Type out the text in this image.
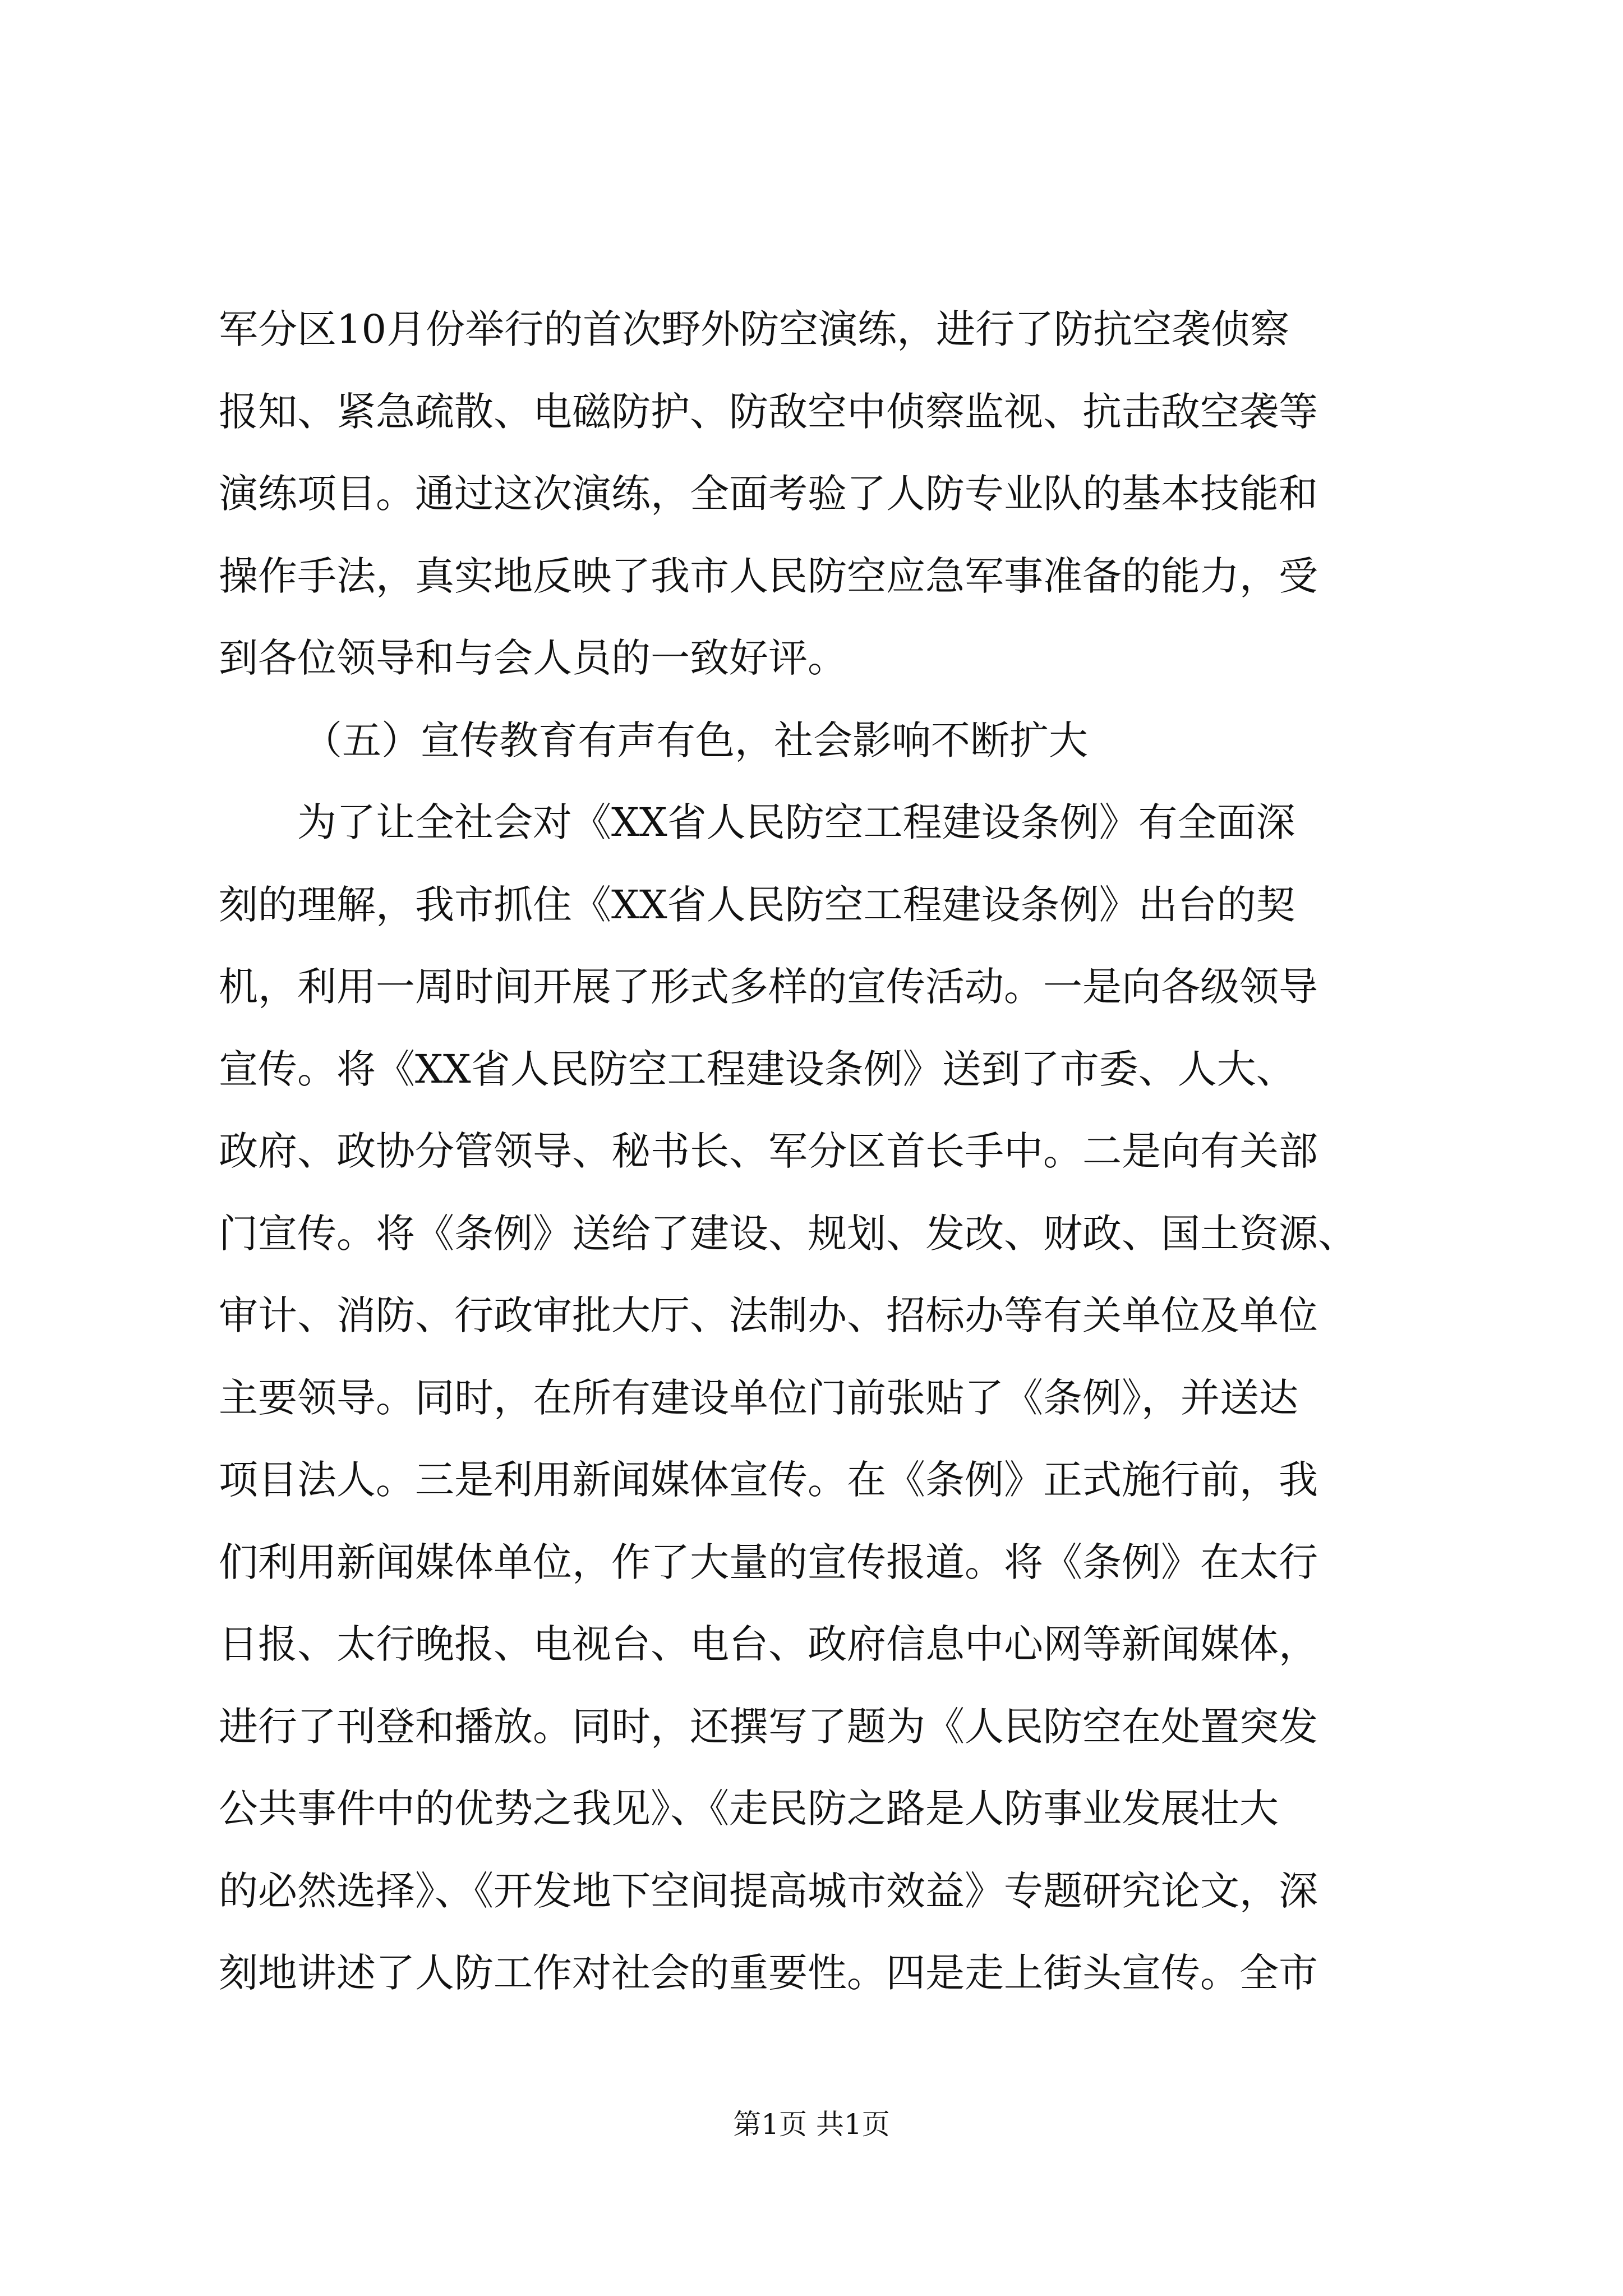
军分区10月份举行的首次野外防空演练，进行了防抗空袭侦察
报知、紧急疏散、电磁防护、防敌空中侦察监视、抗击敌空袭等
演练项目。通过这次演练，全面考验了人防专业队的基本技能和
操作手法，真实地反映了我市人民防空应急军事准备的能力，受
到各位领导和与会人员的一致好评。
（五）宣传教育有声有色，社会影响不断扩大
为了让全社会对《XX省人民防空工程建设条例》有全面深
刻的理解，我市抓住《XX省人民防空工程建设条例》出台的契
机，利用一周时间开展了形式多样的宣传活动。一是向各级领导
宣传。将《XX省人民防空工程建设条例》送到了市委、人大、
政府、政协分管领导、秘书长、军分区首长手中。二是向有关部
门宣传。将《条例》送给了建设、规划、发改、财政、国土资源、
审计、消防、行政审批大厅、法制办、招标办等有关单位及单位
主要领导。同时，在所有建设单位门前张贴了《条例》，并送达
项目法人。三是利用新闻媒体宣传。在《条例》正式施行前，我
们利用新闻媒体单位，作了大量的宣传报道。将《条例》在太行
日报、太行晚报、电视台、电台、政府信息中心网等新闻媒体，
进行了刊登和播放。同时，还撰写了题为《人民防空在处置突发
公共事件中的优势之我见》、《走民防之路是人防事业发展壮大
的必然选择》、《开发地下空间提高城市效益》专题研究论文，深
刻地讲述了人防工作对社会的重要性。四是走上街头宣传。全市
第1页 共1页
